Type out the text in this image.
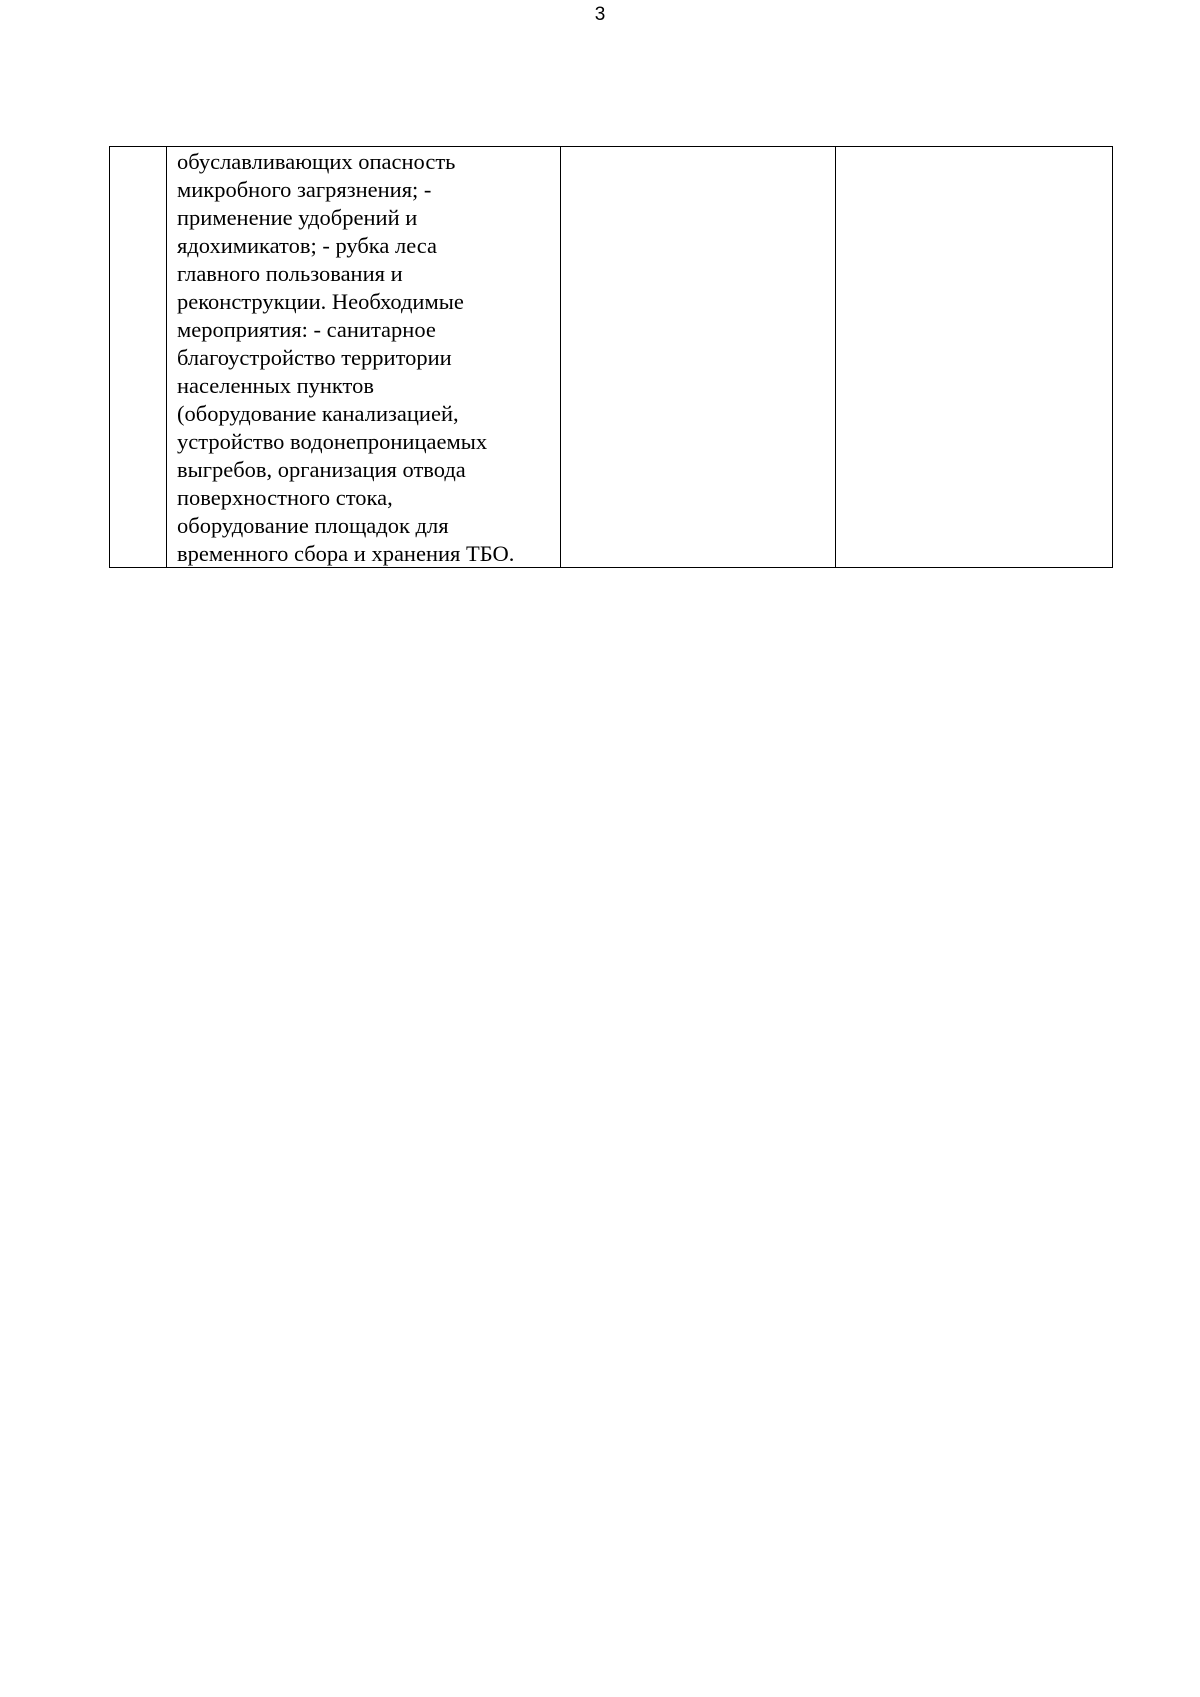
3

обуславливающих опасность
микробного загрязнения; -
применение удобрений и
ядохимикатов; - рубка леса
главного пользования и
реконструкции. Необходимые
мероприятия: - санитарное
благоустройство территории
населенных пунктов
(оборудование канализацией,
устройство водонепроницаемых
выгребов, организация отвода
поверхностного стока,
оборудование площадок для
временного сбора и хранения ТБО.
